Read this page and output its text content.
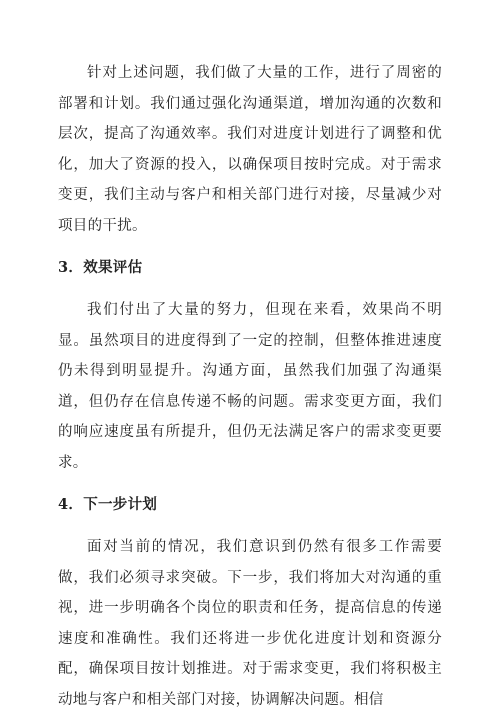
针对上述问题，我们做了大量的工作，进行了周密的部署和计划。我们通过强化沟通渠道，增加沟通的次数和层次，提高了沟通效率。我们对进度计划进行了调整和优化，加大了资源的投入，以确保项目按时完成。对于需求变更，我们主动与客户和相关部门进行对接，尽量减少对项目的干扰。

3．效果评估

我们付出了大量的努力，但现在来看，效果尚不明显。虽然项目的进度得到了一定的控制，但整体推进速度仍未得到明显提升。沟通方面，虽然我们加强了沟通渠道，但仍存在信息传递不畅的问题。需求变更方面，我们的响应速度虽有所提升，但仍无法满足客户的需求变更要求。

4．下一步计划

面对当前的情况，我们意识到仍然有很多工作需要做，我们必须寻求突破。下一步，我们将加大对沟通的重视，进一步明确各个岗位的职责和任务，提高信息的传递速度和准确性。我们还将进一步优化进度计划和资源分配，确保项目按计划推进。对于需求变更，我们将积极主动地与客户和相关部门对接，协调解决问题。相信
